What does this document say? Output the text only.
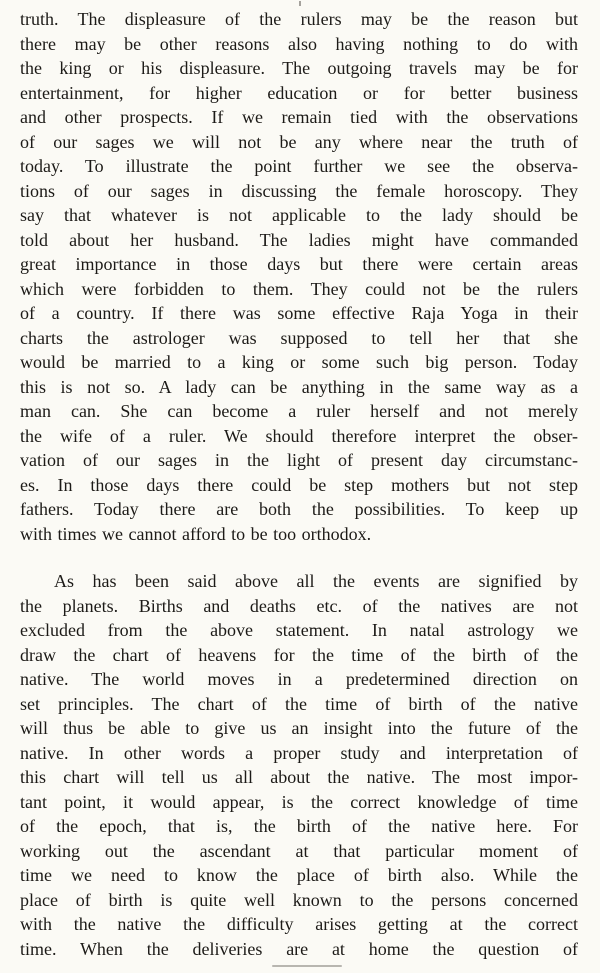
truth. The displeasure of the rulers may be the reason but
there may be other reasons also having nothing to do with
the king or his displeasure. The outgoing travels may be for
entertainment, for higher education or for better business
and other prospects. If we remain tied with the observations
of our sages we will not be any where near the truth of
today. To illustrate the point further we see the observa-
tions of our sages in discussing the female horoscopy. They
say that whatever is not applicable to the lady should be
told about her husband. The ladies might have commanded
great importance in those days but there were certain areas
which were forbidden to them. They could not be the rulers
of a country. If there was some effective Raja Yoga in their
charts the astrologer was supposed to tell her that she
would be married to a king or some such big person. Today
this is not so. A lady can be anything in the same way as a
man can. She can become a ruler herself and not merely
the wife of a ruler. We should therefore interpret the obser-
vation of our sages in the light of present day circumstanc-
es. In those days there could be step mothers but not step
fathers. Today there are both the possibilities. To keep up
with times we cannot afford to be too orthodox.
As has been said above all the events are signified by
the planets. Births and deaths etc. of the natives are not
excluded from the above statement. In natal astrology we
draw the chart of heavens for the time of the birth of the
native. The world moves in a predetermined direction on
set principles. The chart of the time of birth of the native
will thus be able to give us an insight into the future of the
native. In other words a proper study and interpretation of
this chart will tell us all about the native. The most impor-
tant point, it would appear, is the correct knowledge of time
of the epoch, that is, the birth of the native here. For
working out the ascendant at that particular moment of
time we need to know the place of birth also. While the
place of birth is quite well known to the persons concerned
with the native the difficulty arises getting at the correct
time. When the deliveries are at home the question of
